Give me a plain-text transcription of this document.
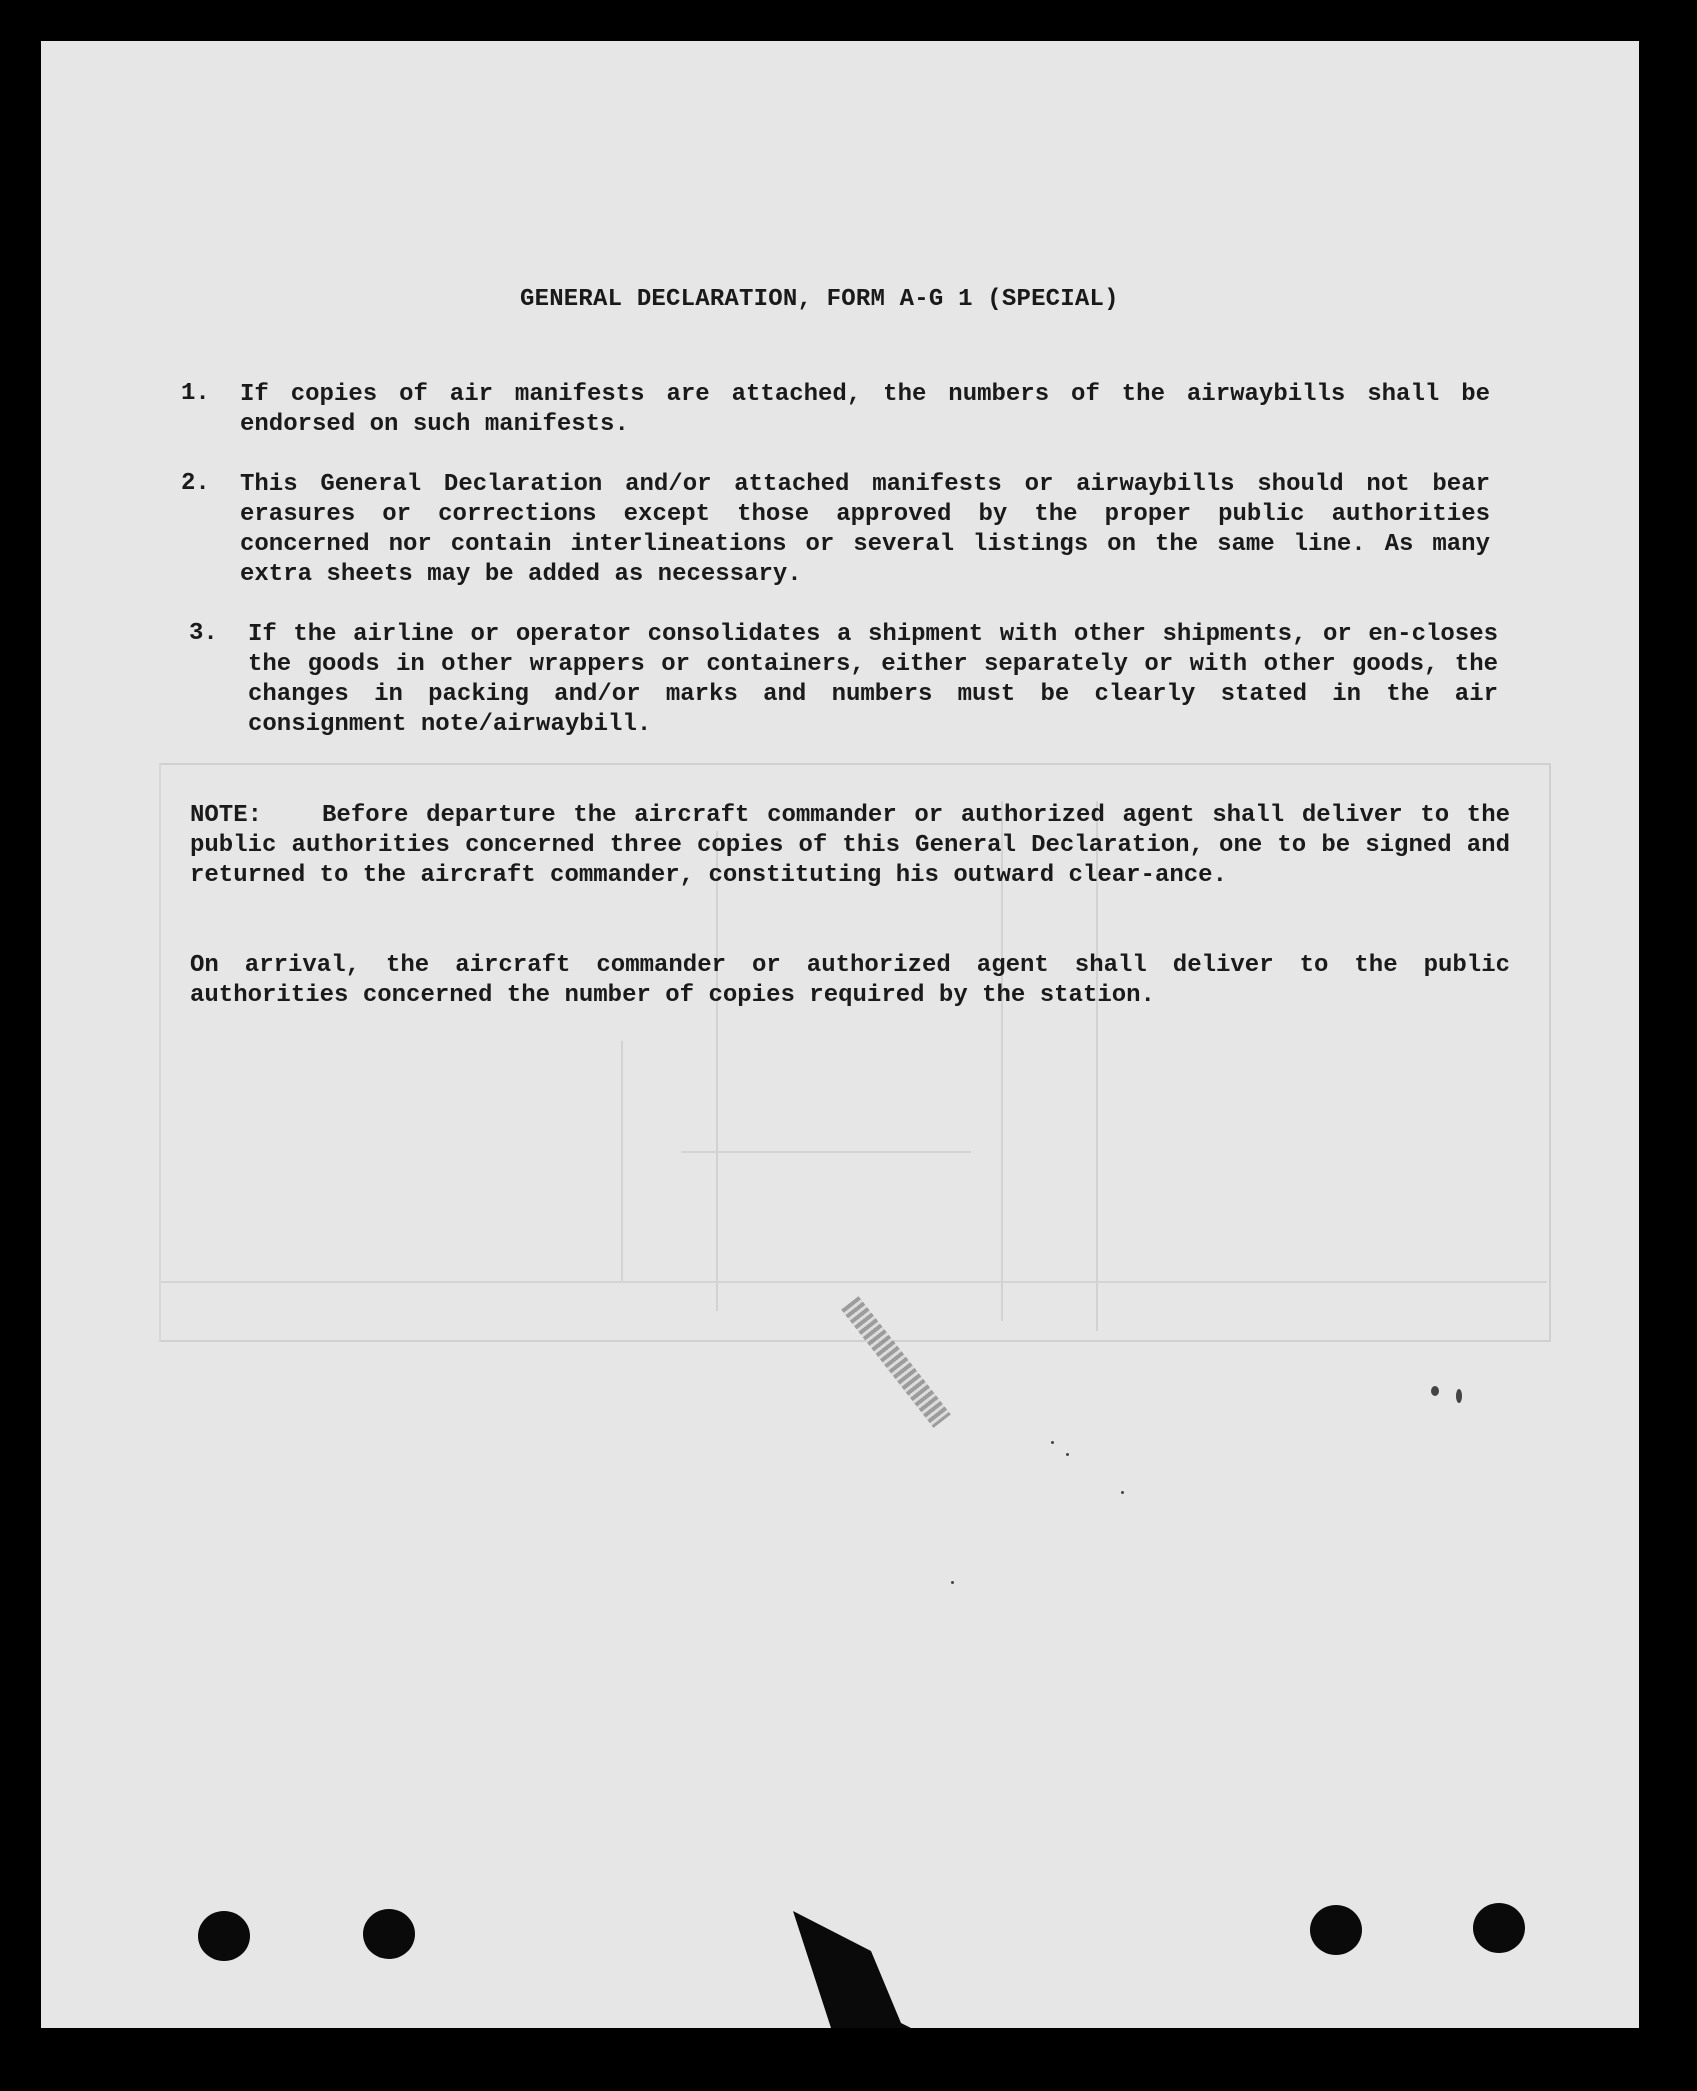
GENERAL DECLARATION, FORM A-G 1 (SPECIAL)
1.	If copies of air manifests are attached, the numbers of the airwaybills shall be endorsed on such manifests.
2.	This General Declaration and/or attached manifests or airwaybills should not bear erasures or corrections except those approved by the proper public authorities concerned nor contain interlineations or several listings on the same line. As many extra sheets may be added as necessary.
3.	If the airline or operator consolidates a shipment with other shipments, or en-closes the goods in other wrappers or containers, either separately or with other goods, the changes in packing and/or marks and numbers must be clearly stated in the air consignment note/airwaybill.
NOTE:	Before departure the aircraft commander or authorized agent shall deliver to the public authorities concerned three copies of this General Declaration, one to be signed and returned to the aircraft commander, constituting his outward clear-ance.
On arrival, the aircraft commander or authorized agent shall deliver to the public authorities concerned the number of copies required by the station.
